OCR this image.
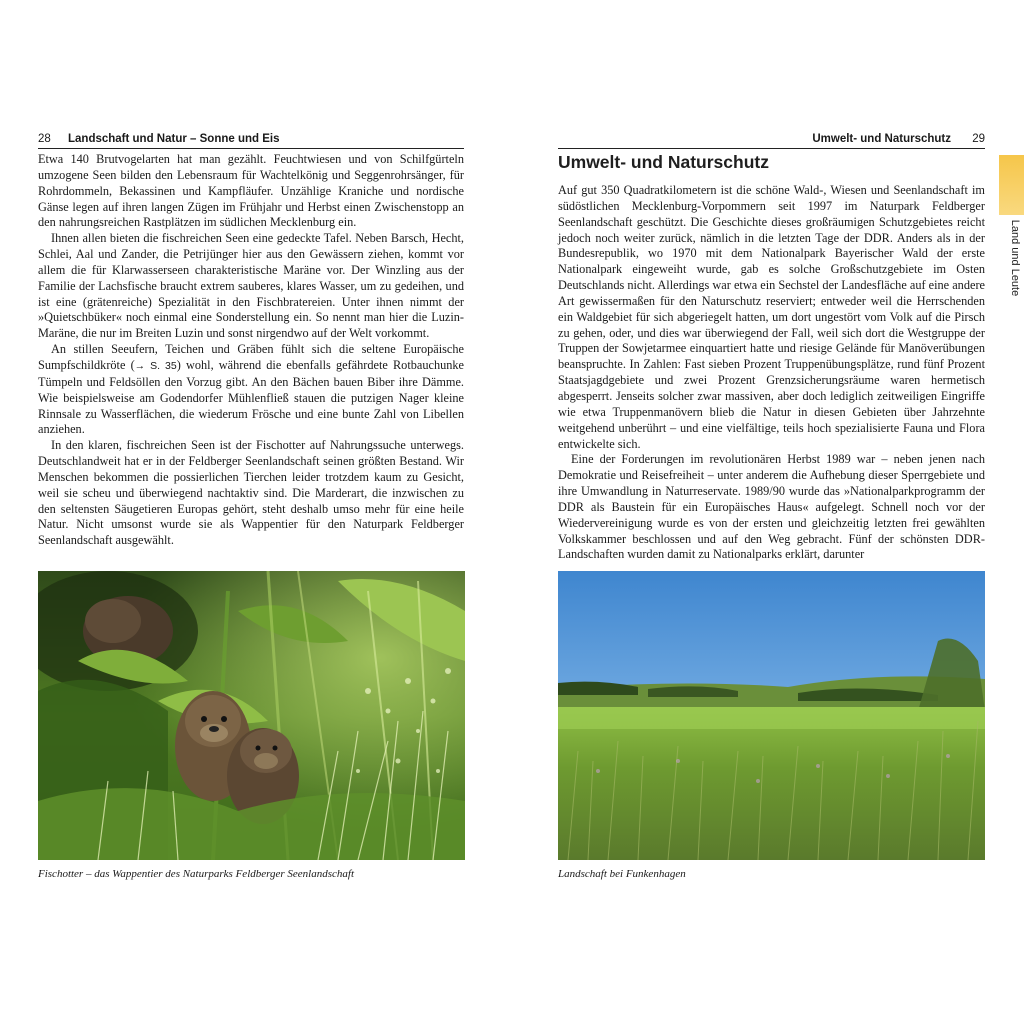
28 Landschaft und Natur – Sonne und Eis

Etwa 140 Brutvogelarten hat man gezählt. Feuchtwiesen und von Schilfgürteln umzogene Seen bilden den Lebensraum für Wachtelkönig und Seggenrohrsänger, für Rohrdommeln, Bekassinen und Kampfläufer. Unzählige Kraniche und nordische Gänse legen auf ihren langen Zügen im Frühjahr und Herbst einen Zwischenstopp an den nahrungsreichen Rastplätzen im südlichen Mecklenburg ein.

Ihnen allen bieten die fischreichen Seen eine gedeckte Tafel. Neben Barsch, Hecht, Schlei, Aal und Zander, die Petrijünger hier aus den Gewässern ziehen, kommt vor allem die für Klarwasserseen charakteristische Maräne vor. Der Winzling aus der Familie der Lachsfische braucht extrem sauberes, klares Wasser, um zu gedeihen, und ist eine (grätenreiche) Spezialität in den Fischbratereien. Unter ihnen nimmt der »Quietschbüker« noch einmal eine Sonderstellung ein. So nennt man hier die Luzin-Maräne, die nur im Breiten Luzin und sonst nirgendwo auf der Welt vorkommt.

An stillen Seeufern, Teichen und Gräben fühlt sich die seltene Europäische Sumpfschildkröte (→ S. 35) wohl, während die ebenfalls gefährdete Rotbauchunke Tümpeln und Feldsöllen den Vorzug gibt. An den Bächen bauen Biber ihre Dämme. Wie beispielsweise am Godendorfer Mühlenfließ stauen die putzigen Nager kleine Rinnsale zu Wasserflächen, die wiederum Frösche und eine bunte Zahl von Libellen anziehen.

In den klaren, fischreichen Seen ist der Fischotter auf Nahrungssuche unterwegs. Deutschlandweit hat er in der Feldberger Seenlandschaft seinen größten Bestand. Wir Menschen bekommen die possierlichen Tierchen leider trotzdem kaum zu Gesicht, weil sie scheu und überwiegend nachtaktiv sind. Die Marderart, die inzwischen zu den seltensten Säugetieren Europas gehört, steht deshalb umso mehr für eine heile Natur. Nicht umsonst wurde sie als Wappentier für den Naturpark Feldberger Seenlandschaft ausgewählt.

Fischotter – das Wappentier des Naturparks Feldberger Seenlandschaft
Umwelt- und Naturschutz 29
Umwelt- und Naturschutz

Auf gut 350 Quadratkilometern ist die schöne Wald-, Wiesen und Seenlandschaft im südöstlichen Mecklenburg-Vorpommern seit 1997 im Naturpark Feldberger Seenlandschaft geschützt. Die Geschichte dieses großräumigen Schutzgebietes reicht jedoch noch weiter zurück, nämlich in die letzten Tage der DDR. Anders als in der Bundesrepublik, wo 1970 mit dem Nationalpark Bayerischer Wald der erste Nationalpark eingeweiht wurde, gab es solche Großschutzgebiete im Osten Deutschlands nicht. Allerdings war etwa ein Sechstel der Landesfläche auf eine andere Art gewissermaßen für den Naturschutz reserviert; entweder weil die Herrschenden ein Waldgebiet für sich abgeriegelt hatten, um dort ungestört vom Volk auf die Pirsch zu gehen, oder, und dies war überwiegend der Fall, weil sich dort die Westgruppe der Truppen der Sowjetarmee einquartiert hatte und riesige Gelände für Manöverübungen beanspruchte. In Zahlen: Fast sieben Prozent Truppenübungsplätze, rund fünf Prozent Staatsjagdgebiete und zwei Prozent Grenzsicherungsräume waren hermetisch abgesperrt. Jenseits solcher zwar massiven, aber doch lediglich zeitweiligen Eingriffe wie etwa Truppenmanövern blieb die Natur in diesen Gebieten über Jahrzehnte weitgehend unberührt – und eine vielfältige, teils hoch spezialisierte Fauna und Flora entwickelte sich.

Eine der Forderungen im revolutionären Herbst 1989 war – neben jenen nach Demokratie und Reisefreiheit – unter anderem die Aufhebung dieser Sperrgebiete und ihre Umwandlung in Naturreservate. 1989/90 wurde das »Nationalparkprogramm der DDR als Baustein für ein Europäisches Haus« aufgelegt. Schnell noch vor der Wiedervereinigung wurde es von der ersten und gleichzeitig letzten frei gewählten Volkskammer beschlossen und auf den Weg gebracht. Fünf der schönsten DDR-Landschaften wurden damit zu Nationalparks erklärt, darunter

Landschaft bei Funkenhagen
Land und Leute
